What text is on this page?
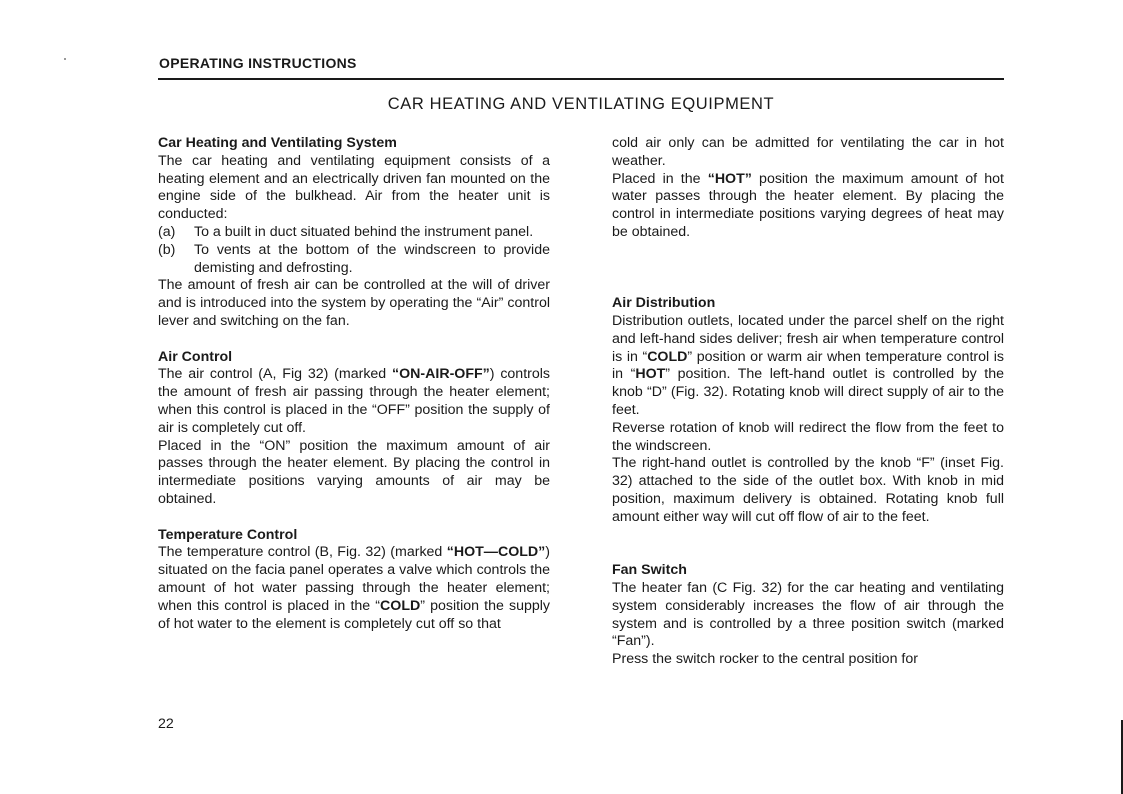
OPERATING INSTRUCTIONS
CAR HEATING AND VENTILATING EQUIPMENT

Car Heating and Ventilating System

The car heating and ventilating equipment consists of a heating element and an electrically driven fan mounted on the engine side of the bulkhead. Air from the heater unit is conducted:

(a)	To a built in duct situated behind the instrument panel.
(b)	To vents at the bottom of the windscreen to provide demisting and defrosting.

The amount of fresh air can be controlled at the will of driver and is introduced into the system by operating the “Air” control lever and switching on the fan.

Air Control

The air control (A, Fig 32) (marked “ON-AIR-OFF”) controls the amount of fresh air passing through the heater element; when this control is placed in the “OFF” position the supply of air is completely cut off.

Placed in the “ON” position the maximum amount of air passes through the heater element. By placing the control in intermediate positions varying amounts of air may be obtained.

Temperature Control

The temperature control (B, Fig. 32) (marked “HOT—COLD”) situated on the facia panel operates a valve which controls the amount of hot water passing through the heater element; when this control is placed in the “COLD” position the supply of hot water to the element is completely cut off so that

cold air only can be admitted for ventilating the car in hot weather.

Placed in the “HOT” position the maximum amount of hot water passes through the heater element. By placing the control in intermediate positions varying degrees of heat may be obtained.

Air Distribution

Distribution outlets, located under the parcel shelf on the right and left-hand sides deliver; fresh air when temperature control is in “COLD” position or warm air when temperature control is in “HOT” position. The left-hand outlet is controlled by the knob “D” (Fig. 32). Rotating knob will direct supply of air to the feet.

Reverse rotation of knob will redirect the flow from the feet to the windscreen.

The right-hand outlet is controlled by the knob “F” (inset Fig. 32) attached to the side of the outlet box. With knob in mid position, maximum delivery is obtained. Rotating knob full amount either way will cut off flow of air to the feet.

Fan Switch

The heater fan (C Fig. 32) for the car heating and ventilating system considerably increases the flow of air through the system and is controlled by a three position switch (marked “Fan”).

Press the switch rocker to the central position for

22
